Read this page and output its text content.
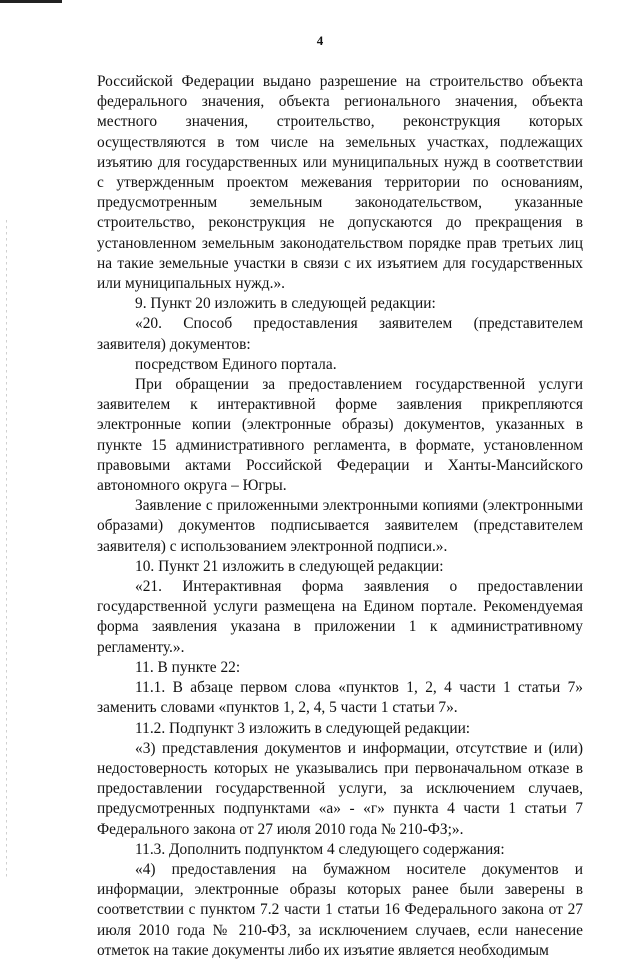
4

Российской Федерации выдано разрешение на строительство объекта федерального значения, объекта регионального значения, объекта местного значения, строительство, реконструкция которых осуществляются в том числе на земельных участках, подлежащих изъятию для государственных или муниципальных нужд в соответствии с утвержденным проектом межевания территории по основаниям, предусмотренным земельным законодательством, указанные строительство, реконструкция не допускаются до прекращения в установленном земельным законодательством порядке прав третьих лиц на такие земельные участки в связи с их изъятием для государственных или муниципальных нужд.».

9. Пункт 20 изложить в следующей редакции:

«20. Способ предоставления заявителем (представителем заявителя) документов:

посредством Единого портала.

При обращении за предоставлением государственной услуги заявителем к интерактивной форме заявления прикрепляются электронные копии (электронные образы) документов, указанных в пункте 15 административного регламента, в формате, установленном правовыми актами Российской Федерации и Ханты-Мансийского автономного округа – Югры.

Заявление с приложенными электронными копиями (электронными образами) документов подписывается заявителем (представителем заявителя) с использованием электронной подписи.».

10. Пункт 21 изложить в следующей редакции:

«21. Интерактивная форма заявления о предоставлении государственной услуги размещена на Едином портале. Рекомендуемая форма заявления указана в приложении 1 к административному регламенту.».

11. В пункте 22:

11.1. В абзаце первом слова «пунктов 1, 2, 4 части 1 статьи 7» заменить словами «пунктов 1, 2, 4, 5 части 1 статьи 7».

11.2. Подпункт 3 изложить в следующей редакции:

«3) представления документов и информации, отсутствие и (или) недостоверность которых не указывались при первоначальном отказе в предоставлении государственной услуги, за исключением случаев, предусмотренных подпунктами «а» - «г» пункта 4 части 1 статьи 7 Федерального закона от 27 июля 2010 года № 210-ФЗ;».

11.3. Дополнить подпунктом 4 следующего содержания:

«4) предоставления на бумажном носителе документов и информации, электронные образы которых ранее были заверены в соответствии с пунктом 7.2 части 1 статьи 16 Федерального закона от 27 июля 2010 года № 210-ФЗ, за исключением случаев, если нанесение отметок на такие документы либо их изъятие является необходимым
